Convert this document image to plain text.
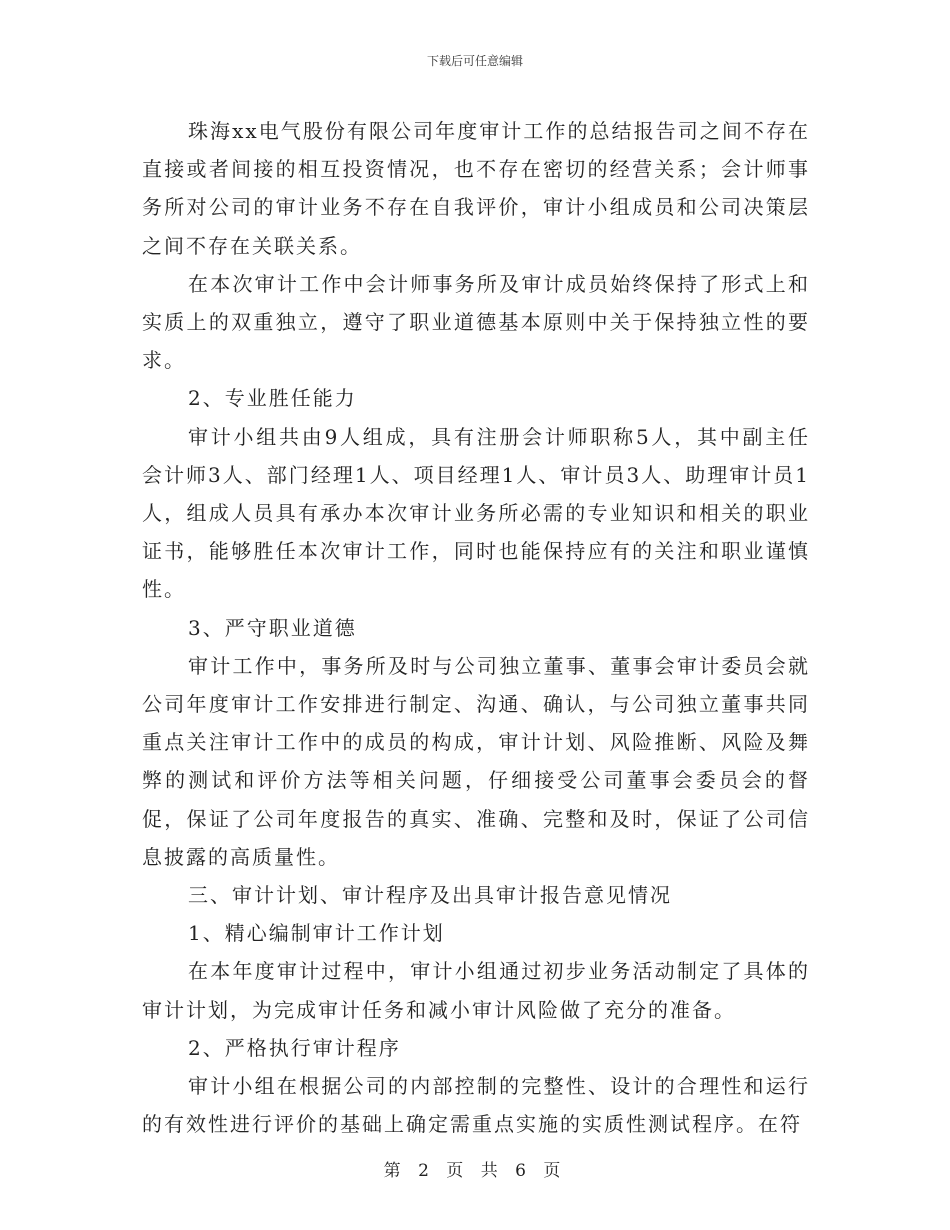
下载后可任意编辑

珠海xx电气股份有限公司年度审计工作的总结报告司之间不存在直接或者间接的相互投资情况，也不存在密切的经营关系；会计师事务所对公司的审计业务不存在自我评价，审计小组成员和公司决策层之间不存在关联关系。

在本次审计工作中会计师事务所及审计成员始终保持了形式上和实质上的双重独立，遵守了职业道德基本原则中关于保持独立性的要求。

2、专业胜任能力

审计小组共由9人组成，具有注册会计师职称5人，其中副主任会计师3人、部门经理1人、项目经理1人、审计员3人、助理审计员1人，组成人员具有承办本次审计业务所必需的专业知识和相关的职业证书，能够胜任本次审计工作，同时也能保持应有的关注和职业谨慎性。

3、严守职业道德

审计工作中，事务所及时与公司独立董事、董事会审计委员会就公司年度审计工作安排进行制定、沟通、确认，与公司独立董事共同重点关注审计工作中的成员的构成，审计计划、风险推断、风险及舞弊的测试和评价方法等相关问题，仔细接受公司董事会委员会的督促，保证了公司年度报告的真实、准确、完整和及时，保证了公司信息披露的高质量性。

三、审计计划、审计程序及出具审计报告意见情况

1、精心编制审计工作计划

在本年度审计过程中，审计小组通过初步业务活动制定了具体的审计计划，为完成审计任务和减小审计风险做了充分的准备。

2、严格执行审计程序

审计小组在根据公司的内部控制的完整性、设计的合理性和运行的有效性进行评价的基础上确定需重点实施的实质性测试程序。在符

第 2 页 共 6 页
